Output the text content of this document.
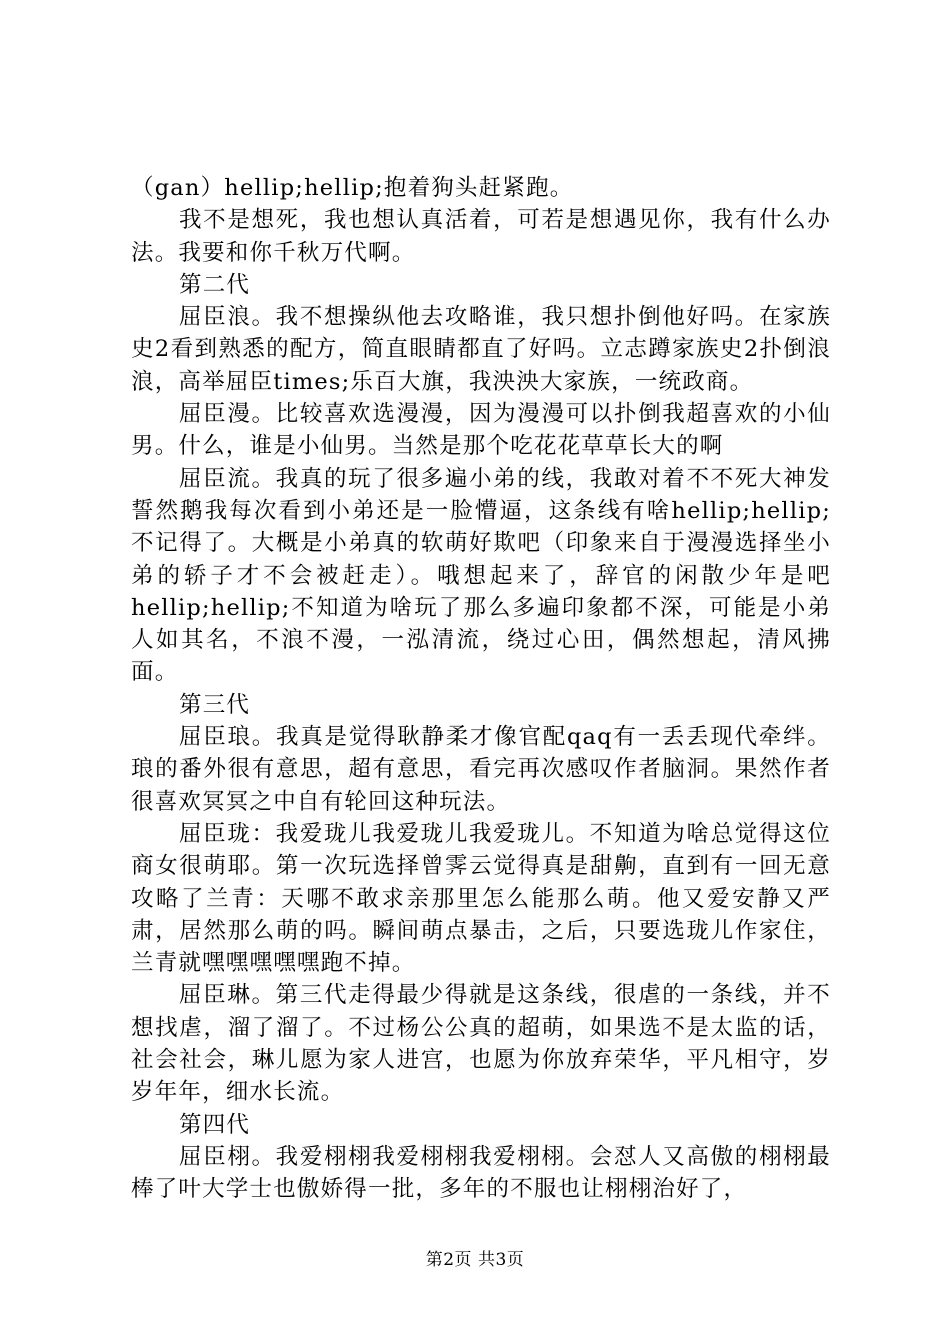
（gan）hellip;hellip;抱着狗头赶紧跑。

我不是想死，我也想认真活着，可若是想遇见你，我有什么办法。我要和你千秋万代啊。

第二代

屈臣浪。我不想操纵他去攻略谁，我只想扑倒他好吗。在家族史2看到熟悉的配方，简直眼睛都直了好吗。立志蹲家族史2扑倒浪浪，高举屈臣times;乐百大旗，我泱泱大家族，一统政商。

屈臣漫。比较喜欢选漫漫，因为漫漫可以扑倒我超喜欢的小仙男。什么，谁是小仙男。当然是那个吃花花草草长大的啊

屈臣流。我真的玩了很多遍小弟的线，我敢对着不不死大神发誓然鹅我每次看到小弟还是一脸懵逼，这条线有啥hellip;hellip;不记得了。大概是小弟真的软萌好欺吧（印象来自于漫漫选择坐小弟的轿子才不会被赶走）。哦想起来了，辞官的闲散少年是吧hellip;hellip;不知道为啥玩了那么多遍印象都不深，可能是小弟人如其名，不浪不漫，一泓清流，绕过心田，偶然想起，清风拂面。

第三代

屈臣琅。我真是觉得耿静柔才像官配qaq有一丢丢现代牵绊。琅的番外很有意思，超有意思，看完再次感叹作者脑洞。果然作者很喜欢冥冥之中自有轮回这种玩法。

屈臣珑：我爱珑儿我爱珑儿我爱珑儿。不知道为啥总觉得这位商女很萌耶。第一次玩选择曾霁云觉得真是甜齁，直到有一回无意攻略了兰青：天哪不敢求亲那里怎么能那么萌。他又爱安静又严肃，居然那么萌的吗。瞬间萌点暴击，之后，只要选珑儿作家住，兰青就嘿嘿嘿嘿嘿跑不掉。

屈臣琳。第三代走得最少得就是这条线，很虐的一条线，并不想找虐，溜了溜了。不过杨公公真的超萌，如果选不是太监的话，社会社会，琳儿愿为家人进宫，也愿为你放弃荣华，平凡相守，岁岁年年，细水长流。

第四代

屈臣栩。我爱栩栩我爱栩栩我爱栩栩。会怼人又高傲的栩栩最棒了叶大学士也傲娇得一批，多年的不服也让栩栩治好了，

第2页 共3页
